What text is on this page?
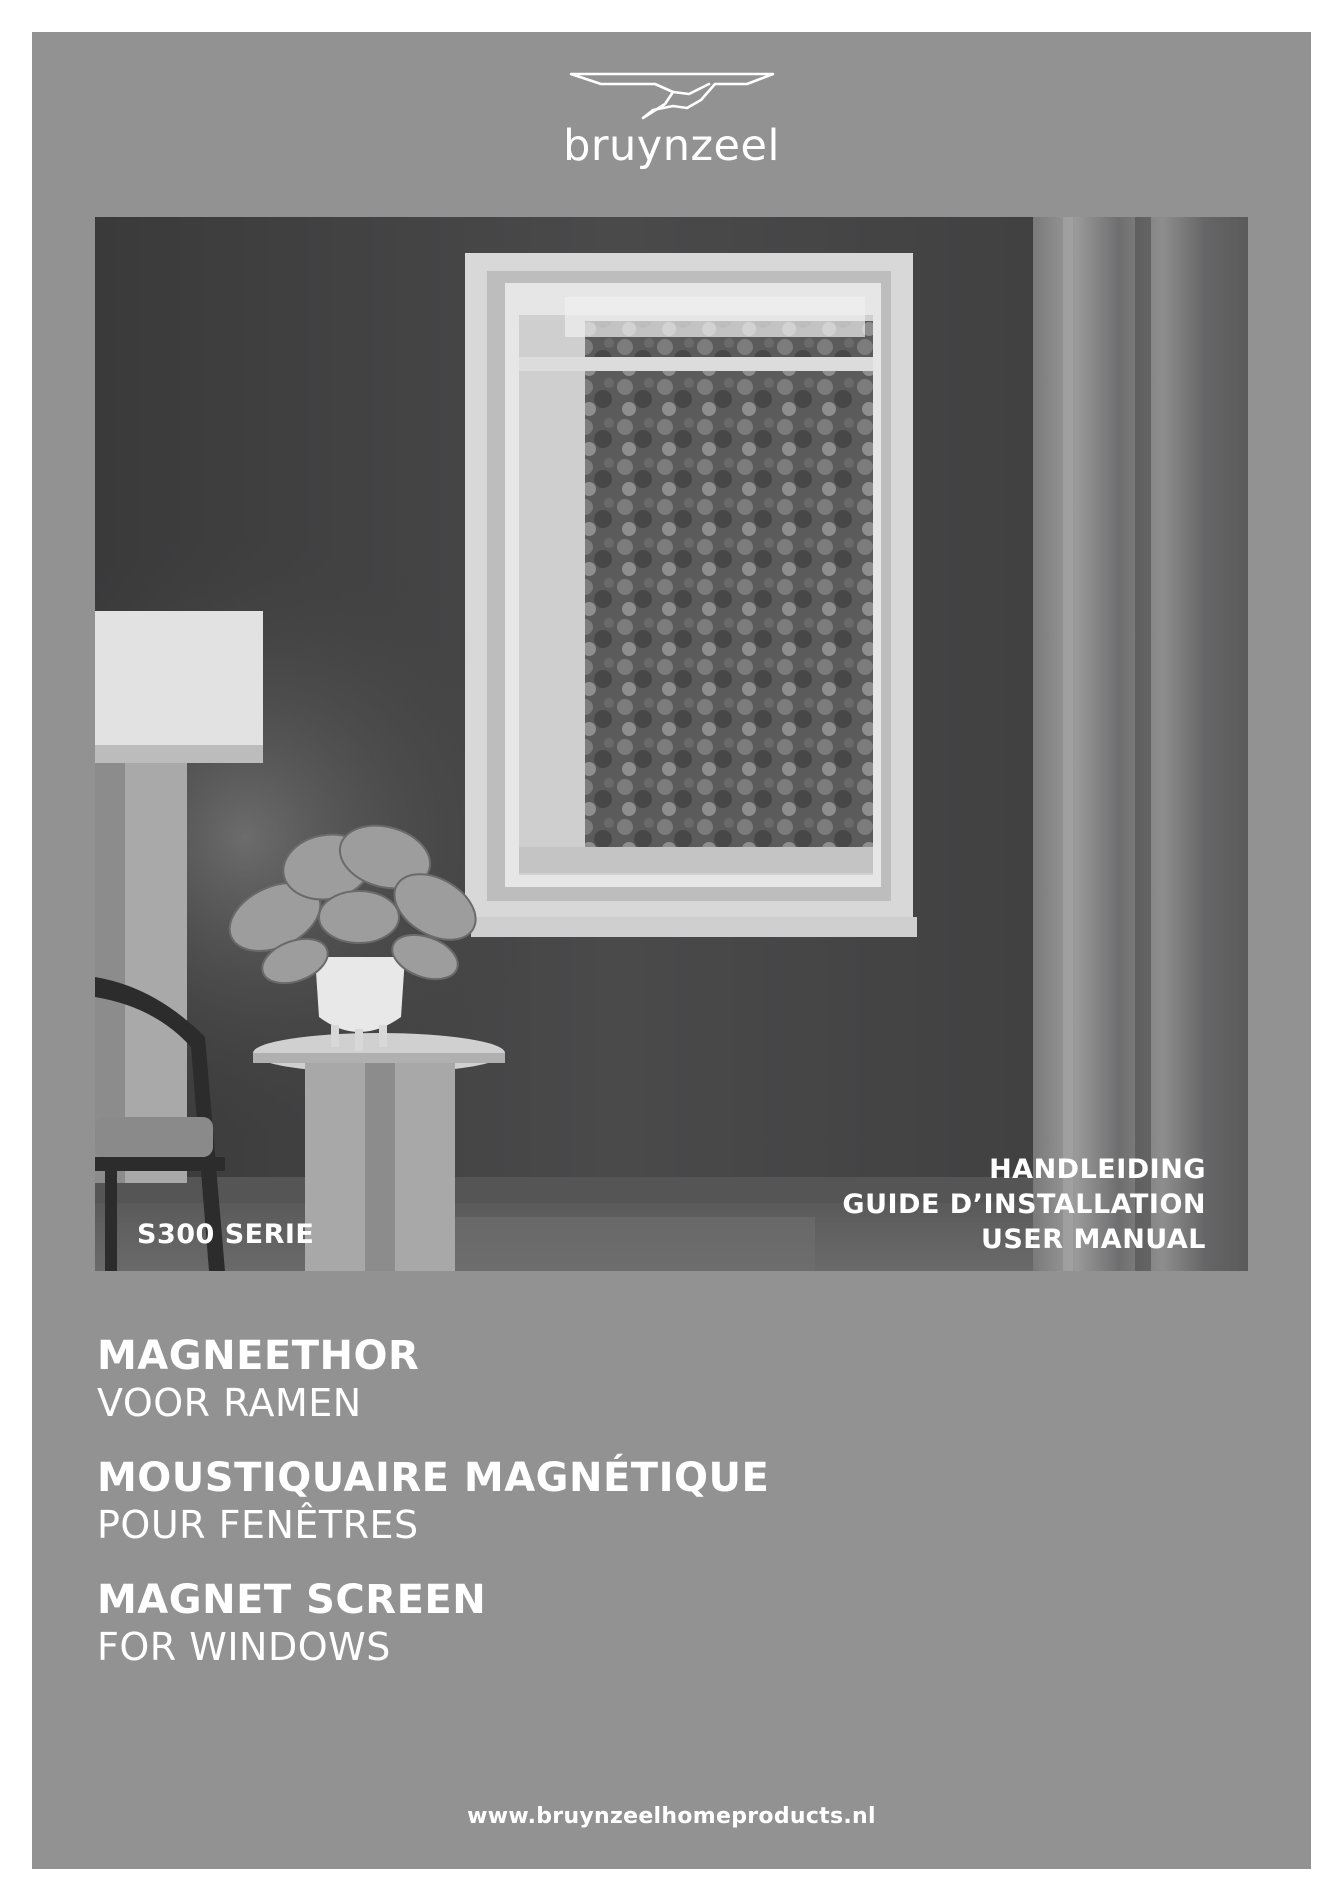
bruynzeel
S300 SERIE
HANDLEIDING
GUIDE D’INSTALLATION
USER MANUAL
MAGNEETHOR
VOOR RAMEN
MOUSTIQUAIRE MAGNÉTIQUE
POUR FENÊTRES
MAGNET SCREEN
FOR WINDOWS
www.bruynzeelhomeproducts.nl
